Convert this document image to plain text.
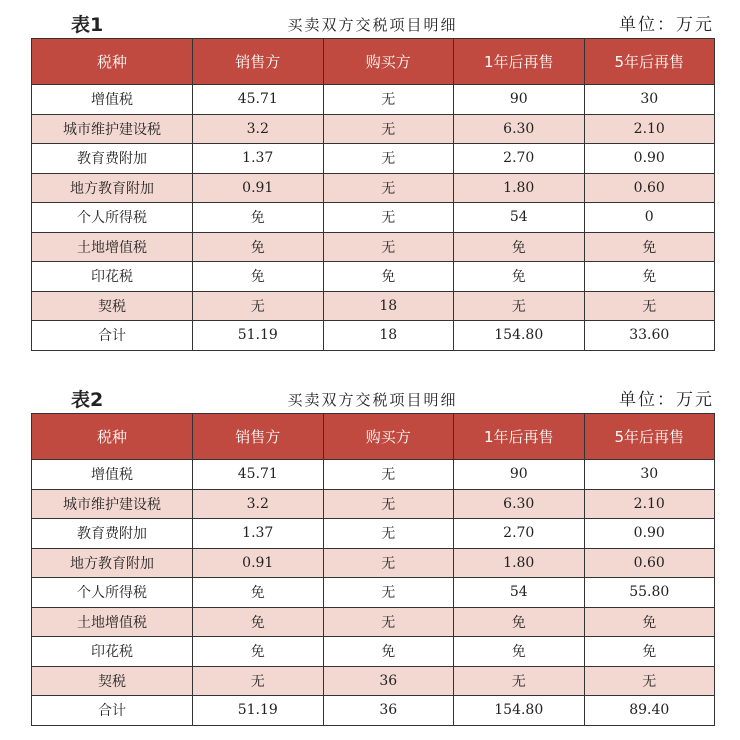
表1	买卖双方交税项目明细	单位：万元
税种	销售方	购买方	1年后再售	5年后再售
增值税	45.71	无	90	30
城市维护建设税	3.2	无	6.30	2.10
教育费附加	1.37	无	2.70	0.90
地方教育附加	0.91	无	1.80	0.60
个人所得税	免	无	54	0
土地增值税	免	无	免	免
印花税	免	免	免	免
契税	无	18	无	无
合计	51.19	18	154.80	33.60
表2	买卖双方交税项目明细	单位：万元
税种	销售方	购买方	1年后再售	5年后再售
增值税	45.71	无	90	30
城市维护建设税	3.2	无	6.30	2.10
教育费附加	1.37	无	2.70	0.90
地方教育附加	0.91	无	1.80	0.60
个人所得税	免	无	54	55.80
土地增值税	免	无	免	免
印花税	免	免	免	免
契税	无	36	无	无
合计	51.19	36	154.80	89.40
